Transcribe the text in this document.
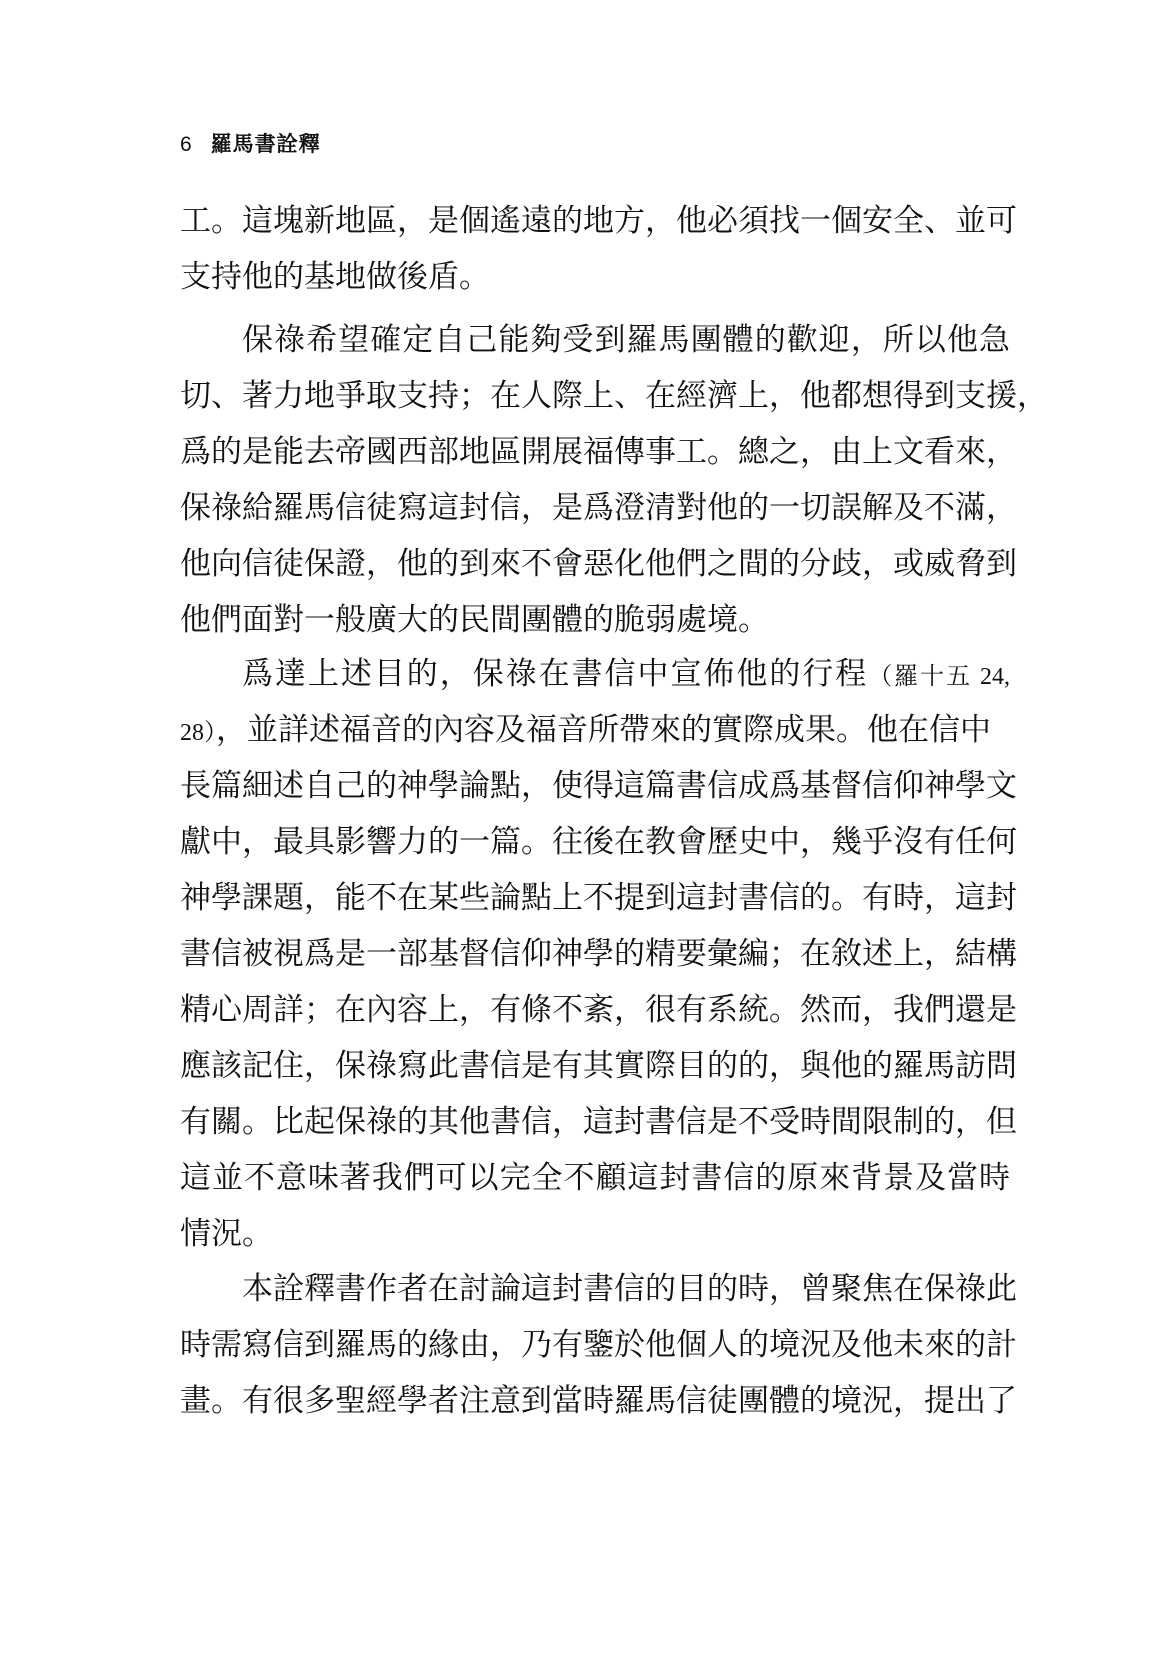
6 羅馬書詮釋
工。這塊新地區，是個遙遠的地方，他必須找一個安全、並可
支持他的基地做後盾。
保祿希望確定自己能夠受到羅馬團體的歡迎，所以他急
切、著力地爭取支持；在人際上、在經濟上，他都想得到支援，
爲的是能去帝國西部地區開展福傳事工。總之，由上文看來，
保祿給羅馬信徒寫這封信，是爲澄清對他的一切誤解及不滿，
他向信徒保證，他的到來不會惡化他們之間的分歧，或威脅到
他們面對一般廣大的民間團體的脆弱處境。
爲達上述目的，保祿在書信中宣佈他的行程（羅十五 24,
28），並詳述福音的內容及福音所帶來的實際成果。他在信中
長篇細述自己的神學論點，使得這篇書信成爲基督信仰神學文
獻中，最具影響力的一篇。往後在教會歷史中，幾乎沒有任何
神學課題，能不在某些論點上不提到這封書信的。有時，這封
書信被視爲是一部基督信仰神學的精要彙編；在敘述上，結構
精心周詳；在內容上，有條不紊，很有系統。然而，我們還是
應該記住，保祿寫此書信是有其實際目的的，與他的羅馬訪問
有關。比起保祿的其他書信，這封書信是不受時間限制的，但
這並不意味著我們可以完全不顧這封書信的原來背景及當時
情況。
本詮釋書作者在討論這封書信的目的時，曾聚焦在保祿此
時需寫信到羅馬的緣由，乃有鑒於他個人的境況及他未來的計
畫。有很多聖經學者注意到當時羅馬信徒團體的境況，提出了
